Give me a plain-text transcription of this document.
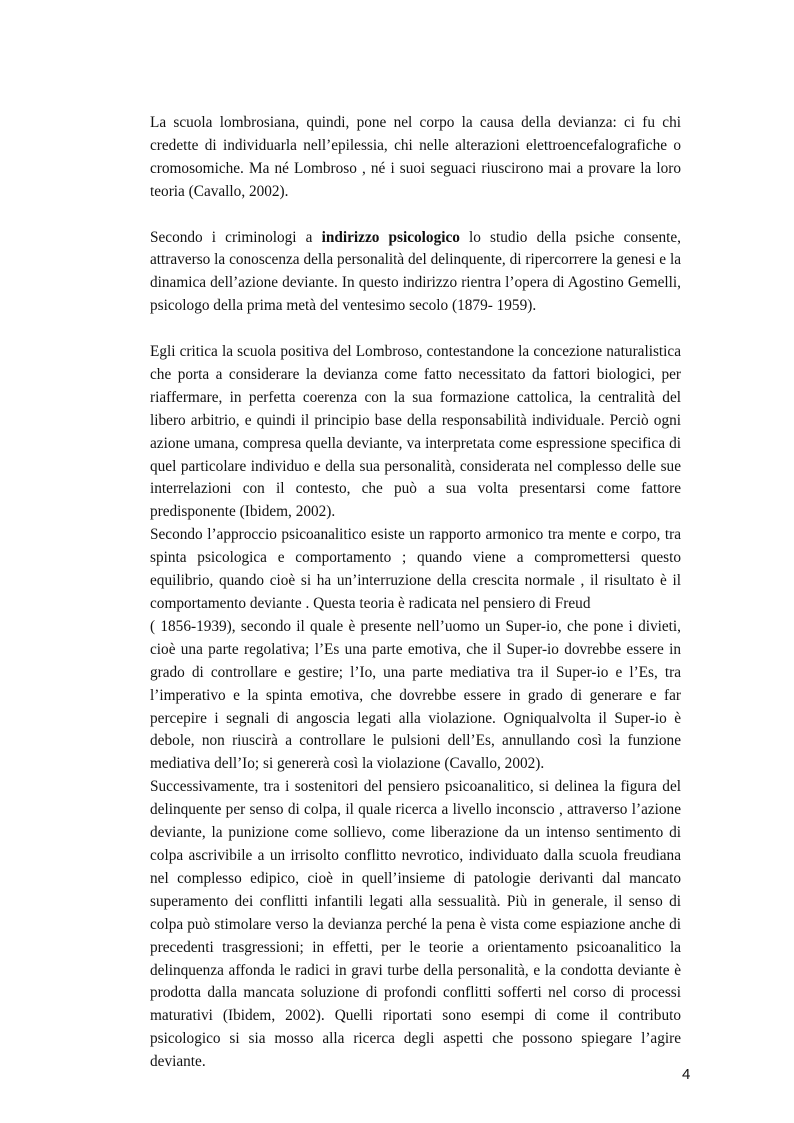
La scuola lombrosiana, quindi, pone nel corpo la causa della devianza: ci fu chi credette di individuarla nell’epilessia, chi nelle alterazioni elettroencefalografiche o cromosomiche. Ma né Lombroso , né i suoi seguaci riuscirono mai a provare la loro teoria (Cavallo, 2002).

Secondo i criminologi a indirizzo psicologico lo studio della psiche consente, attraverso la conoscenza della personalità del delinquente, di ripercorrere la genesi e la dinamica dell’azione deviante. In questo indirizzo rientra l’opera di Agostino Gemelli, psicologo della prima metà del ventesimo secolo (1879- 1959).

Egli critica la scuola positiva del Lombroso, contestandone la concezione naturalistica che porta a considerare la devianza come fatto necessitato da fattori biologici, per riaffermare, in perfetta coerenza con la sua formazione cattolica, la centralità del libero arbitrio, e quindi il principio base della responsabilità individuale. Perciò ogni azione umana, compresa quella deviante, va interpretata come espressione specifica di quel particolare individuo e della sua personalità, considerata nel complesso delle sue interrelazioni con il contesto, che può a sua volta presentarsi come fattore predisponente (Ibidem, 2002).

Secondo l’approccio psicoanalitico esiste un rapporto armonico tra mente e corpo, tra spinta psicologica e comportamento ; quando viene a compromettersi questo equilibrio, quando cioè si ha un’interruzione della crescita normale , il risultato è il comportamento deviante . Questa teoria è radicata nel pensiero di Freud
( 1856-1939), secondo il quale è presente nell’uomo un Super-io, che pone i divieti, cioè una parte regolativa; l’Es una parte emotiva, che il Super-io dovrebbe essere in grado di controllare e gestire; l’Io, una parte mediativa tra il Super-io e l’Es, tra l’imperativo e la spinta emotiva, che dovrebbe essere in grado di generare e far percepire i segnali di angoscia legati alla violazione. Ogniqualvolta il Super-io è debole, non riuscirà a controllare le pulsioni dell’Es, annullando così la funzione mediativa dell’Io; si genererà così la violazione (Cavallo, 2002).

Successivamente, tra i sostenitori del pensiero psicoanalitico, si delinea la figura del delinquente per senso di colpa, il quale ricerca a livello inconscio , attraverso l’azione deviante, la punizione come sollievo, come liberazione da un intenso sentimento di colpa ascrivibile a un irrisolto conflitto nevrotico, individuato dalla scuola freudiana nel complesso edipico, cioè in quell’insieme di patologie derivanti dal mancato superamento dei conflitti infantili legati alla sessualità. Più in generale, il senso di colpa può stimolare verso la devianza perché la pena è vista come espiazione anche di precedenti trasgressioni; in effetti, per le teorie a orientamento psicoanalitico la delinquenza affonda le radici in gravi turbe della personalità, e la condotta deviante è prodotta dalla mancata soluzione di profondi conflitti sofferti nel corso di processi maturativi (Ibidem, 2002). Quelli riportati sono esempi di come il contributo psicologico si sia mosso alla ricerca degli aspetti che possono spiegare l’agire deviante.

4
